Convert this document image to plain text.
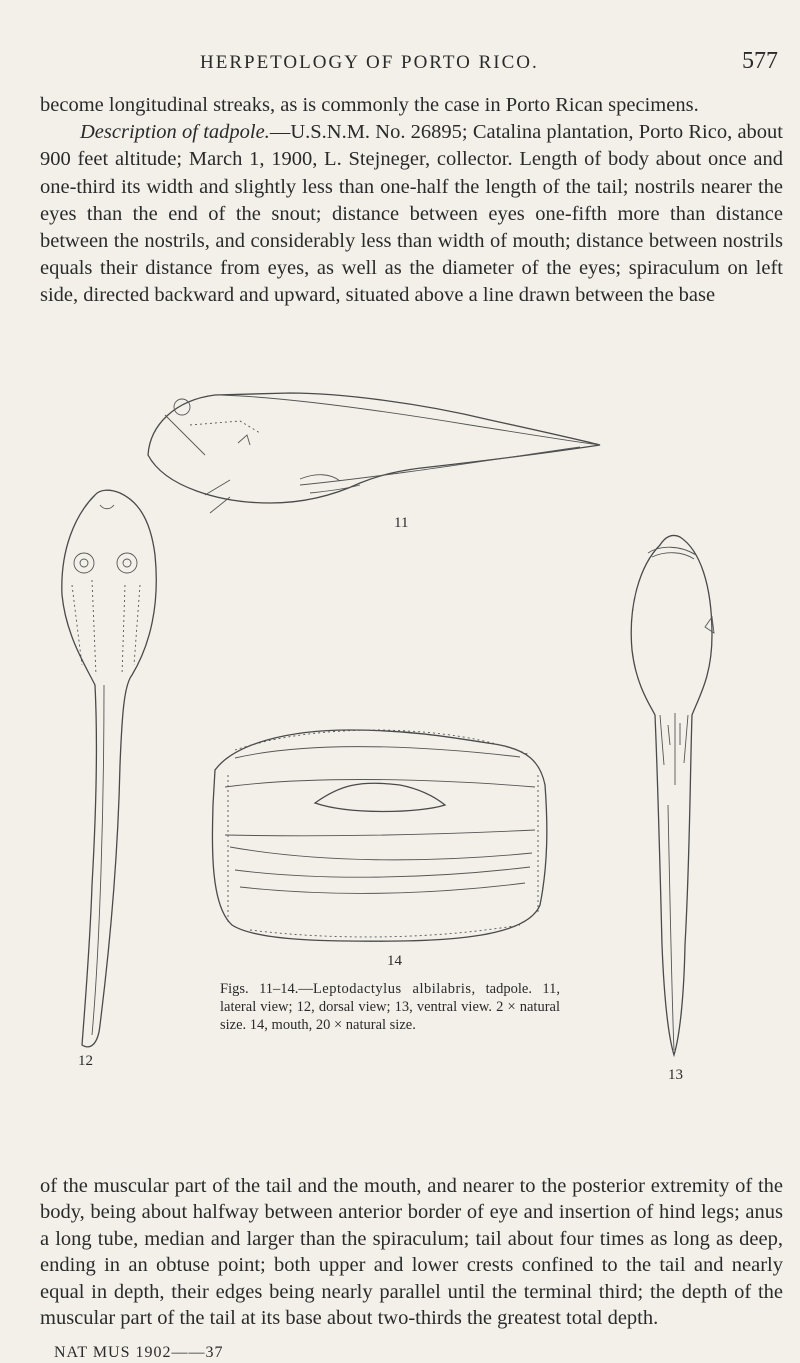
HERPETOLOGY OF PORTO RICO.	577

become longitudinal streaks, as is commonly the case in Porto Rican specimens.

Description of tadpole.—U.S.N.M. No. 26895; Catalina plantation, Porto Rico, about 900 feet altitude; March 1, 1900, L. Stejneger, collector. Length of body about once and one-third its width and slightly less than one-half the length of the tail; nostrils nearer the eyes than the end of the snout; distance between eyes one-fifth more than distance between the nostrils, and considerably less than width of mouth; distance between nostrils equals their distance from eyes, as well as the diameter of the eyes; spiraculum on left side, directed backward and upward, situated above a line drawn between the base

11
14
12
13
Figs. 11–14.—Leptodactylus albilabris, tadpole. 11, lateral view; 12, dorsal view; 13, ventral view. 2 × natural size. 14, mouth, 20 × natural size.

of the muscular part of the tail and the mouth, and nearer to the posterior extremity of the body, being about halfway between anterior border of eye and insertion of hind legs; anus a long tube, median and larger than the spiraculum; tail about four times as long as deep, ending in an obtuse point; both upper and lower crests confined to the tail and nearly equal in depth, their edges being nearly parallel until the terminal third; the depth of the muscular part of the tail at its base about two-thirds the greatest total depth.

NAT MUS 1902——37
